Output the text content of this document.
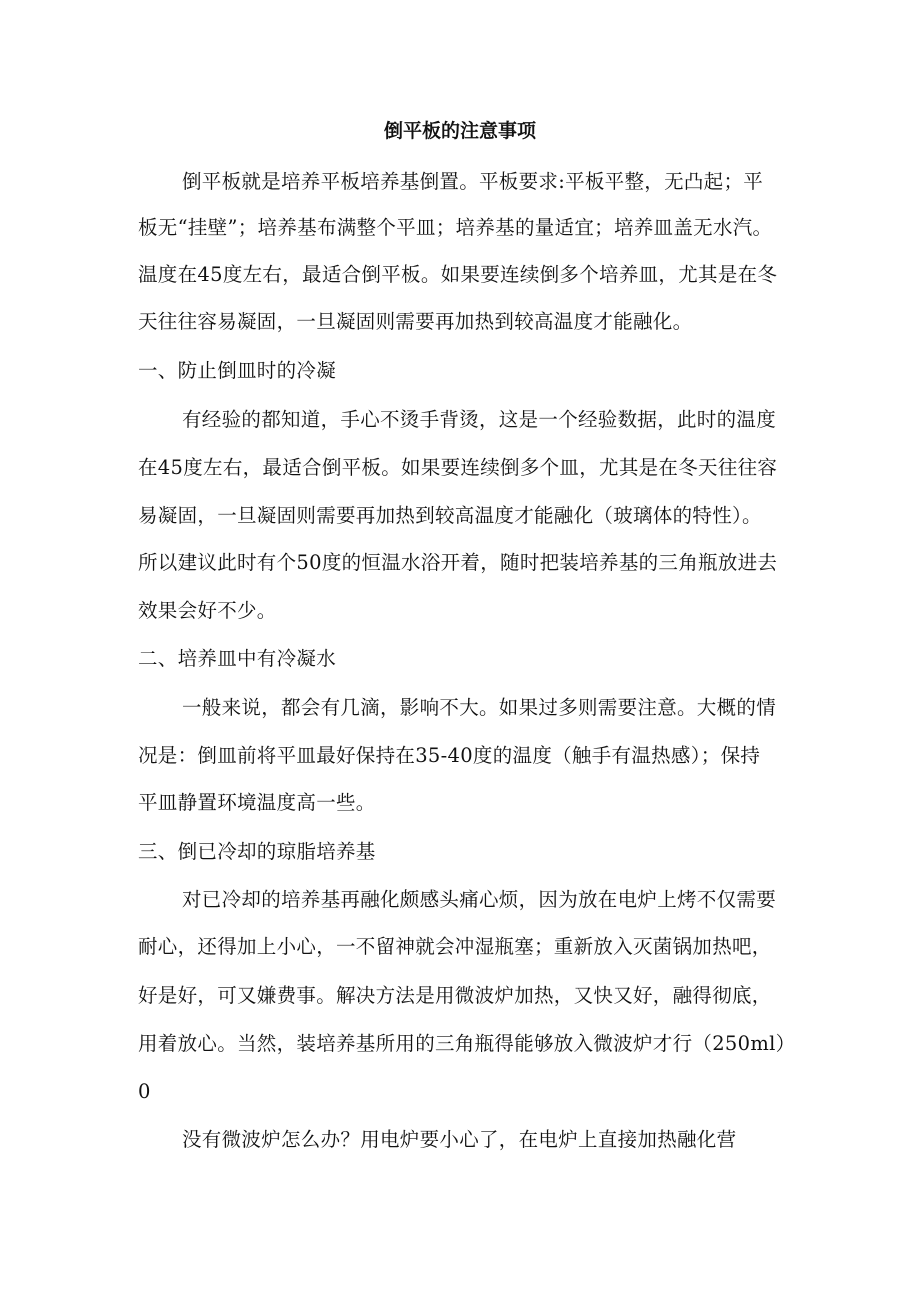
倒平板的注意事项
倒平板就是培养平板培养基倒置。平板要求:平板平整，无凸起；平
板无“挂壁”；培养基布满整个平皿；培养基的量适宜；培养皿盖无水汽。
温度在45度左右，最适合倒平板。如果要连续倒多个培养皿，尤其是在冬
天往往容易凝固，一旦凝固则需要再加热到较高温度才能融化。
一、防止倒皿时的冷凝
有经验的都知道，手心不烫手背烫，这是一个经验数据，此时的温度
在45度左右，最适合倒平板。如果要连续倒多个皿，尤其是在冬天往往容
易凝固，一旦凝固则需要再加热到较高温度才能融化（玻璃体的特性）。
所以建议此时有个50度的恒温水浴开着，随时把装培养基的三角瓶放进去
效果会好不少。
二、培养皿中有冷凝水
一般来说，都会有几滴，影响不大。如果过多则需要注意。大概的情
况是：倒皿前将平皿最好保持在35-40度的温度（触手有温热感）；保持
平皿静置环境温度高一些。
三、倒已冷却的琼脂培养基
对已冷却的培养基再融化颇感头痛心烦，因为放在电炉上烤不仅需要
耐心，还得加上小心，一不留神就会冲湿瓶塞；重新放入灭菌锅加热吧，
好是好，可又嫌费事。解决方法是用微波炉加热，又快又好，融得彻底，
用着放心。当然，装培养基所用的三角瓶得能够放入微波炉才行（250ml）
0
没有微波炉怎么办？用电炉要小心了，在电炉上直接加热融化营
